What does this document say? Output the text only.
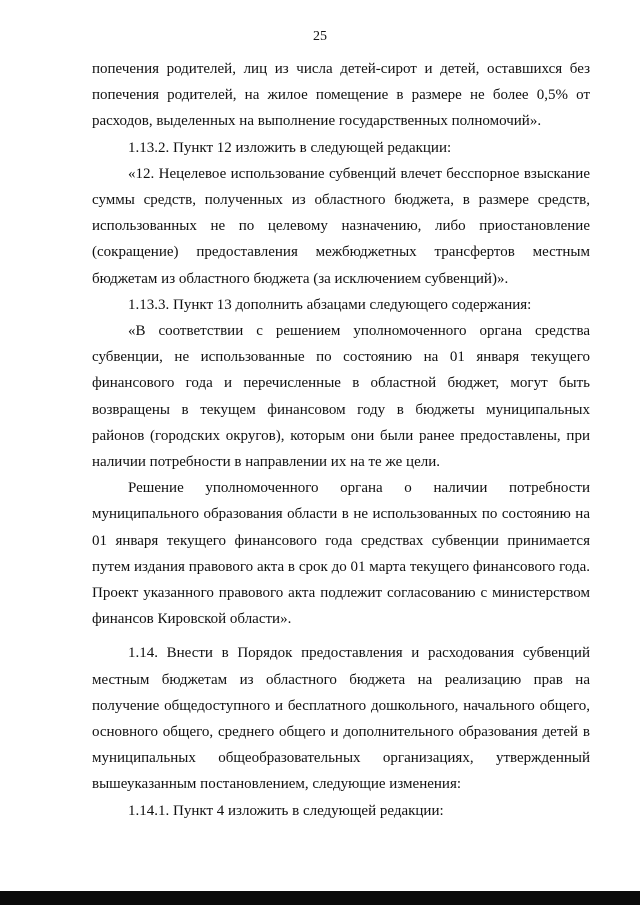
25

попечения родителей, лиц из числа детей-сирот и детей, оставшихся без попечения родителей, на жилое помещение в размере не более 0,5% от расходов, выделенных на выполнение государственных полномочий».

1.13.2. Пункт 12 изложить в следующей редакции:

«12. Нецелевое использование субвенций влечет бесспорное взыскание суммы средств, полученных из областного бюджета, в размере средств, использованных не по целевому назначению, либо приостановление (сокращение) предоставления межбюджетных трансфертов местным бюджетам из областного бюджета (за исключением субвенций)».

1.13.3. Пункт 13 дополнить абзацами следующего содержания:

«В соответствии с решением уполномоченного органа средства субвенции, не использованные по состоянию на 01 января текущего финансового года и перечисленные в областной бюджет, могут быть возвращены в текущем финансовом году в бюджеты муниципальных районов (городских округов), которым они были ранее предоставлены, при наличии потребности в направлении их на те же цели.

Решение уполномоченного органа о наличии потребности муниципального образования области в не использованных по состоянию на 01 января текущего финансового года средствах субвенции принимается путем издания правового акта в срок до 01 марта текущего финансового года. Проект указанного правового акта подлежит согласованию с министерством финансов Кировской области».

1.14. Внести в Порядок предоставления и расходования субвенций местным бюджетам из областного бюджета на реализацию прав на получение общедоступного и бесплатного дошкольного, начального общего, основного общего, среднего общего и дополнительного образования детей в муниципальных общеобразовательных организациях, утвержденный вышеуказанным постановлением, следующие изменения:

1.14.1. Пункт 4 изложить в следующей редакции:
